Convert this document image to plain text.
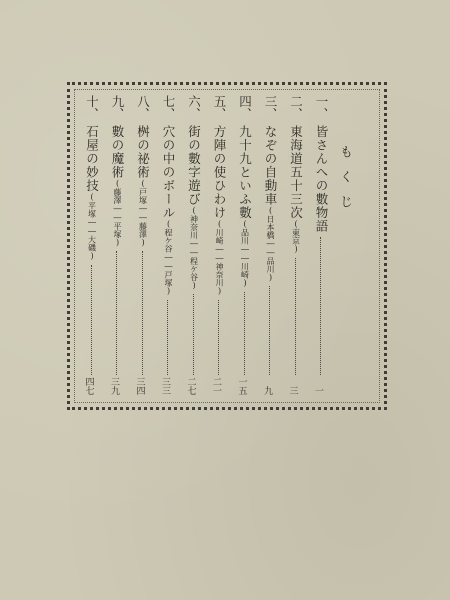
もくじ
一、
皆さんへの數物語
一
二、
東海道五十三次(東京)
三
三、
なぞの自動車(日本橋――品川)
九
四、
九十九といふ數(品川――川崎)
一五
五、
方陣の使ひわけ(川崎――神奈川)
二一
六、
街の數字遊び(神奈川――程ケ谷)
二七
七、
穴の中のボール(程ケ谷――戸塚)
三三
八、
桝の祕術(戸塚――藤澤)
三四
九、
數の魔術(藤澤――平塚)
三九
十、
石屋の妙技(平塚――大磯)
四七
